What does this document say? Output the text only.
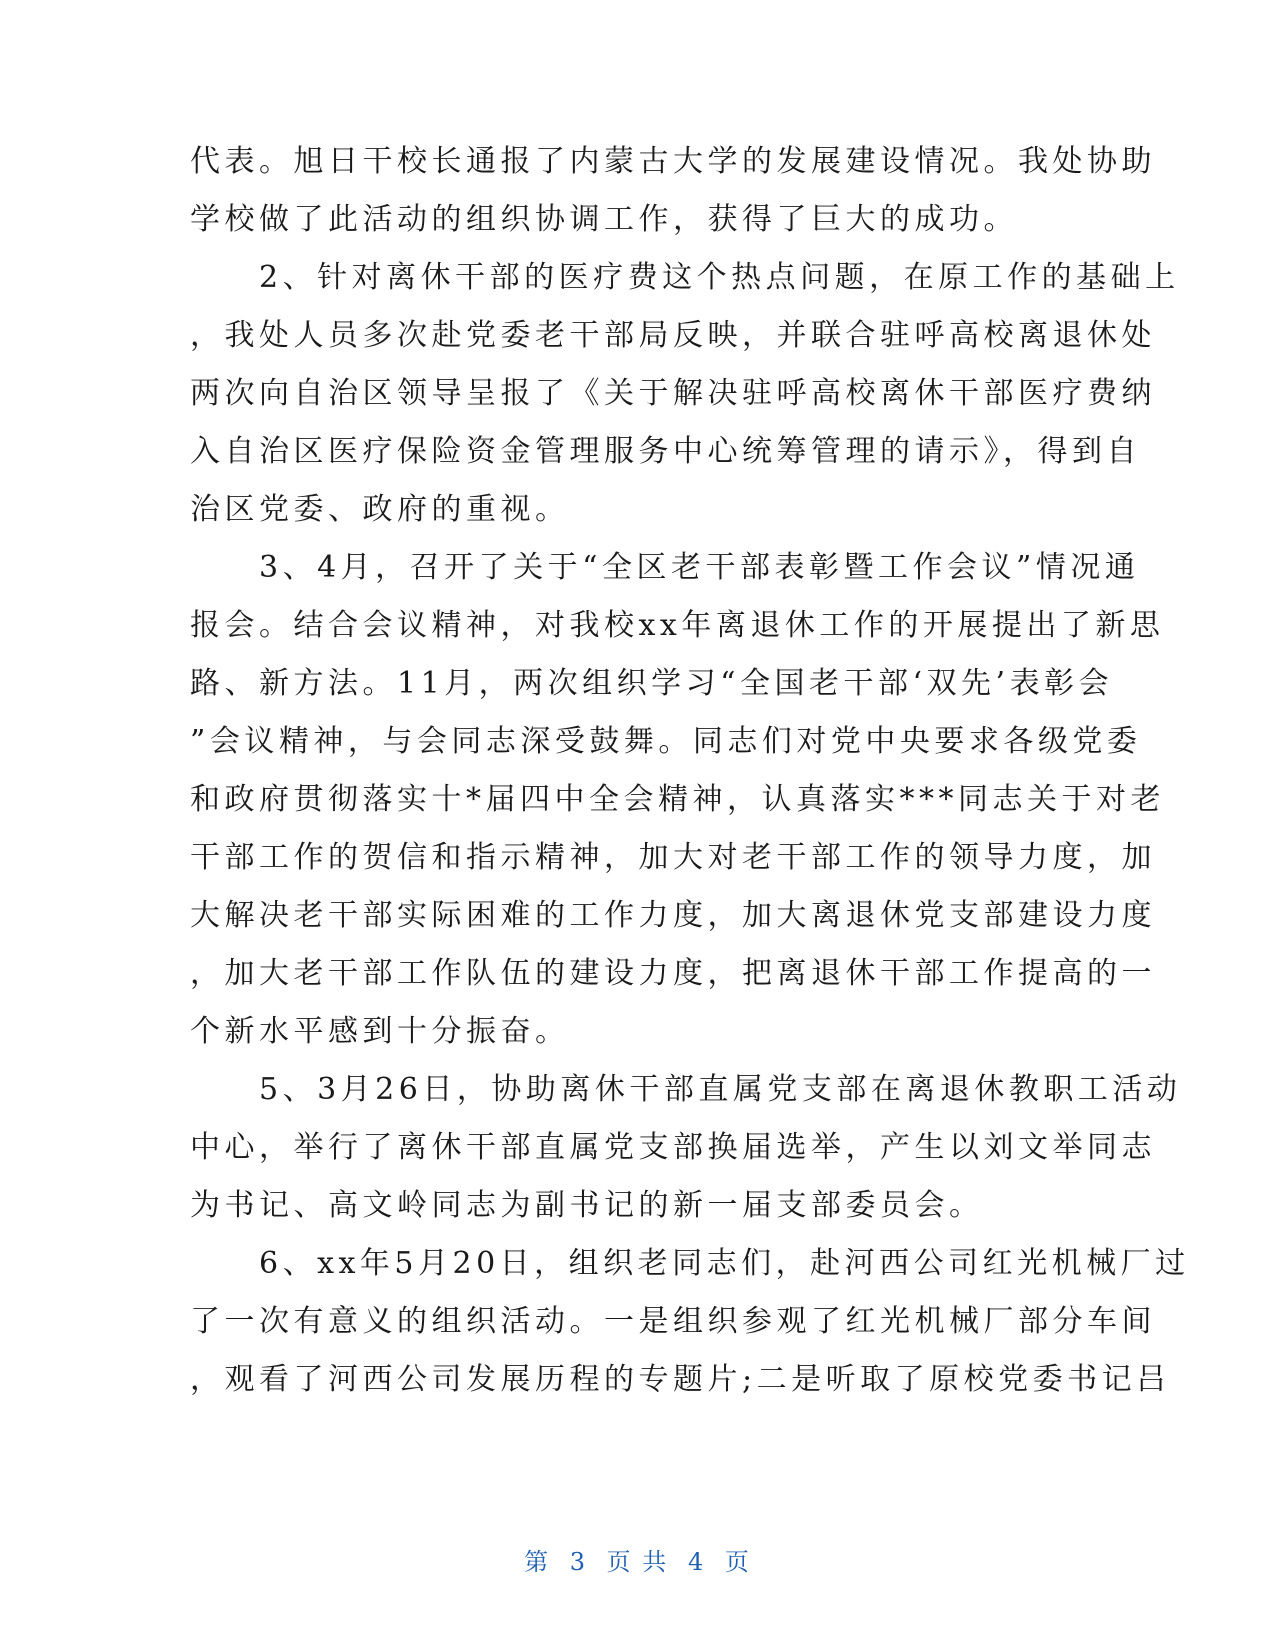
代表。旭日干校长通报了内蒙古大学的发展建设情况。我处协助
学校做了此活动的组织协调工作，获得了巨大的成功。
　　2、针对离休干部的医疗费这个热点问题，在原工作的基础上
，我处人员多次赴党委老干部局反映，并联合驻呼高校离退休处
两次向自治区领导呈报了《关于解决驻呼高校离休干部医疗费纳
入自治区医疗保险资金管理服务中心统筹管理的请示》，得到自
治区党委、政府的重视。
　　3、4月，召开了关于“全区老干部表彰暨工作会议”情况通
报会。结合会议精神，对我校xx年离退休工作的开展提出了新思
路、新方法。11月，两次组织学习“全国老干部‘双先’表彰会
”会议精神，与会同志深受鼓舞。同志们对党中央要求各级党委
和政府贯彻落实十*届四中全会精神，认真落实***同志关于对老
干部工作的贺信和指示精神，加大对老干部工作的领导力度，加
大解决老干部实际困难的工作力度，加大离退休党支部建设力度
，加大老干部工作队伍的建设力度，把离退休干部工作提高的一
个新水平感到十分振奋。
　　5、3月26日，协助离休干部直属党支部在离退休教职工活动
中心，举行了离休干部直属党支部换届选举，产生以刘文举同志
为书记、高文岭同志为副书记的新一届支部委员会。
　　6、xx年5月20日，组织老同志们，赴河西公司红光机械厂过
了一次有意义的组织活动。一是组织参观了红光机械厂部分车间
，观看了河西公司发展历程的专题片;二是听取了原校党委书记吕
第 3 页 共 4 页
